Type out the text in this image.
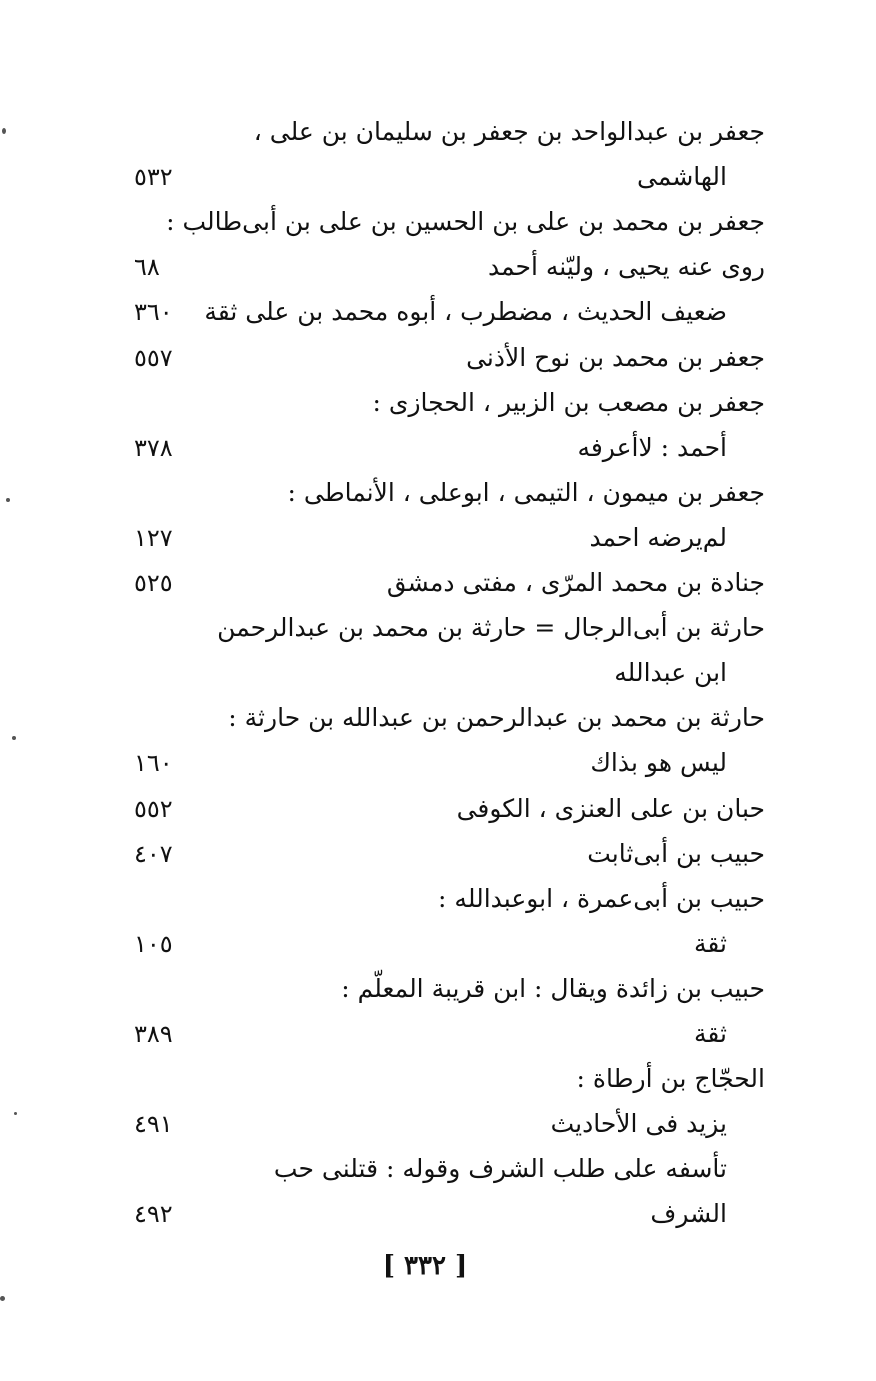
جعفر بن عبدالواحد بن جعفر بن سليمان بن على ،
الهاشمى
٥٣٢
جعفر بن محمد بن على بن الحسين بن على بن أبى‌طالب :
روى عنه يحيى ، وليّنه أحمد
٦٨
ضعيف الحديث ، مضطرب ، أبوه محمد بن على ثقة
٣٦٠
جعفر بن محمد بن نوح الأذنى
٥٥٧
جعفر بن مصعب بن الزبير ، الحجازى :
أحمد : لاأعرفه
٣٧٨
جعفر بن ميمون ، التيمى ، ابوعلى ، الأنماطى :
لم‌يرضه احمد
١٢٧
جنادة بن محمد المرّى ، مفتى دمشق
٥٢٥
حارثة بن أبى‌الرجال = حارثة بن محمد بن عبدالرحمن
ابن عبدالله
حارثة بن محمد بن عبدالرحمن بن عبدالله بن حارثة :
ليس هو بذاك
١٦٠
حبان بن على العنزى ، الكوفى
٥٥٢
حبيب بن أبى‌ثابت
٤٠٧
حبيب بن أبى‌عمرة ، ابوعبدالله :
ثقة
١٠٥
حبيب بن زائدة ويقال : ابن قريبة المعلّم :
ثقة
٣٨٩
الحجّاج بن أرطاة :
يزيد فى الأحاديث
٤٩١
تأسفه على طلب الشرف وقوله : قتلنى حب
الشرف
٤٩٢
[ ٣٣٢ ]
